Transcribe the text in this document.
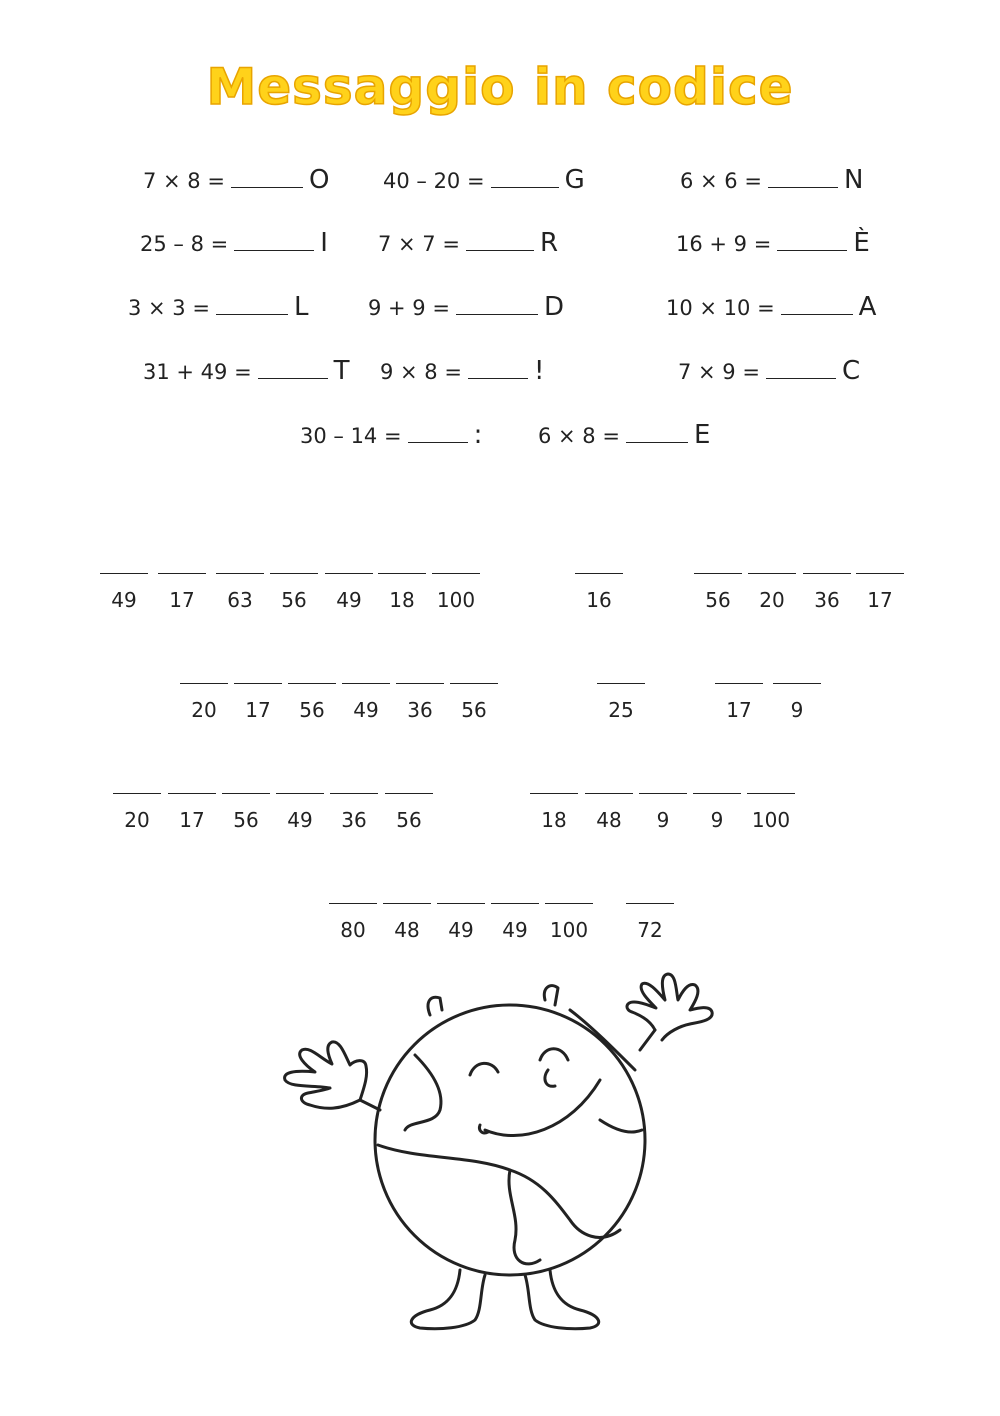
Messaggio in codice
7 × 8 =	O	40 – 20 =	G	6 × 6 =	N
25 – 8 =	I 7 × 7 =	R	16 + 9 =	È
3 × 3 =	L	9 + 9 =	D	10 × 10 =	A
31 + 49 =	T 9 × 8 =	!	7 × 9 =	C
30 – 14 =	:	6 × 8 =	E
49	17	63	56	49	18	100	16	56	20	36	17
20	17	56	49	36	56	25	17	9
20	17	56	49	36	56	18	48	9	9	100
80	48	49	49	100	72
